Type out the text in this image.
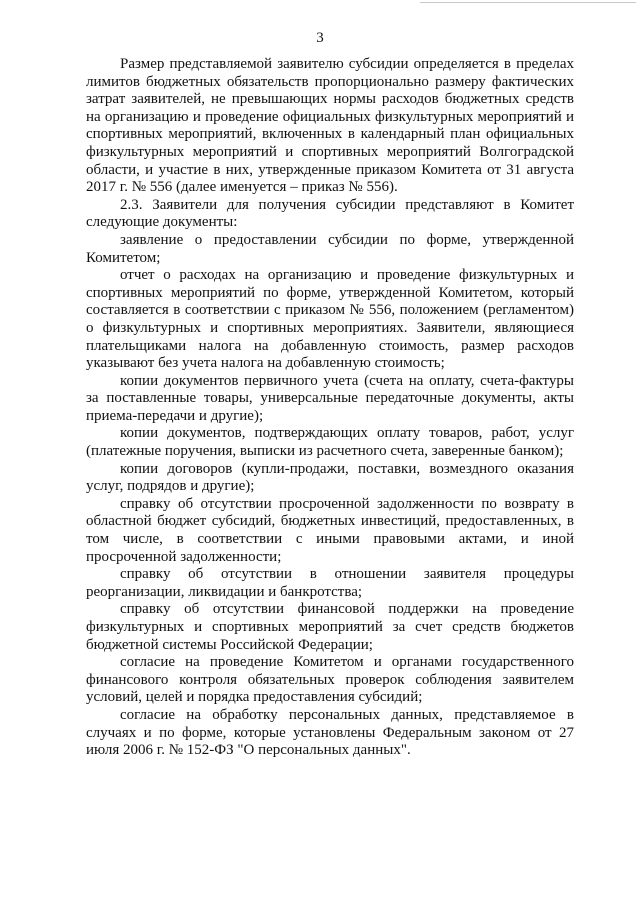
3

Размер представляемой заявителю субсидии определяется в пределах лимитов бюджетных обязательств пропорционально размеру фактических затрат заявителей, не превышающих нормы расходов бюджетных средств на организацию и проведение официальных физкультурных мероприятий и спортивных мероприятий, включенных в календарный план официальных физкультурных мероприятий и спортивных мероприятий Волгоградской области, и участие в них, утвержденные приказом Комитета от 31 августа 2017 г. № 556 (далее именуется – приказ № 556).

2.3. Заявители для получения субсидии представляют в Комитет следующие документы:

заявление о предоставлении субсидии по форме, утвержденной Комитетом;

отчет о расходах на организацию и проведение физкультурных и спортивных мероприятий по форме, утвержденной Комитетом, который составляется в соответствии с приказом № 556, положением (регламентом) о физкультурных и спортивных мероприятиях. Заявители, являющиеся плательщиками налога на добавленную стоимость, размер расходов указывают без учета налога на добавленную стоимость;

копии документов первичного учета (счета на оплату, счета-фактуры за поставленные товары, универсальные передаточные документы, акты приема-передачи и другие);

копии документов, подтверждающих оплату товаров, работ, услуг (платежные поручения, выписки из расчетного счета, заверенные банком);

копии договоров (купли-продажи, поставки, возмездного оказания услуг, подрядов и другие);

справку об отсутствии просроченной задолженности по возврату в областной бюджет субсидий, бюджетных инвестиций, предоставленных, в том числе, в соответствии с иными правовыми актами, и иной просроченной задолженности;

справку об отсутствии в отношении заявителя процедуры реорганизации, ликвидации и банкротства;

справку об отсутствии финансовой поддержки на проведение физкультурных и спортивных мероприятий за счет средств бюджетов бюджетной системы Российской Федерации;

согласие на проведение Комитетом и органами государственного финансового контроля обязательных проверок соблюдения заявителем условий, целей и порядка предоставления субсидий;

согласие на обработку персональных данных, представляемое в случаях и по форме, которые установлены Федеральным законом от 27 июля 2006 г. № 152-ФЗ "О персональных данных".
